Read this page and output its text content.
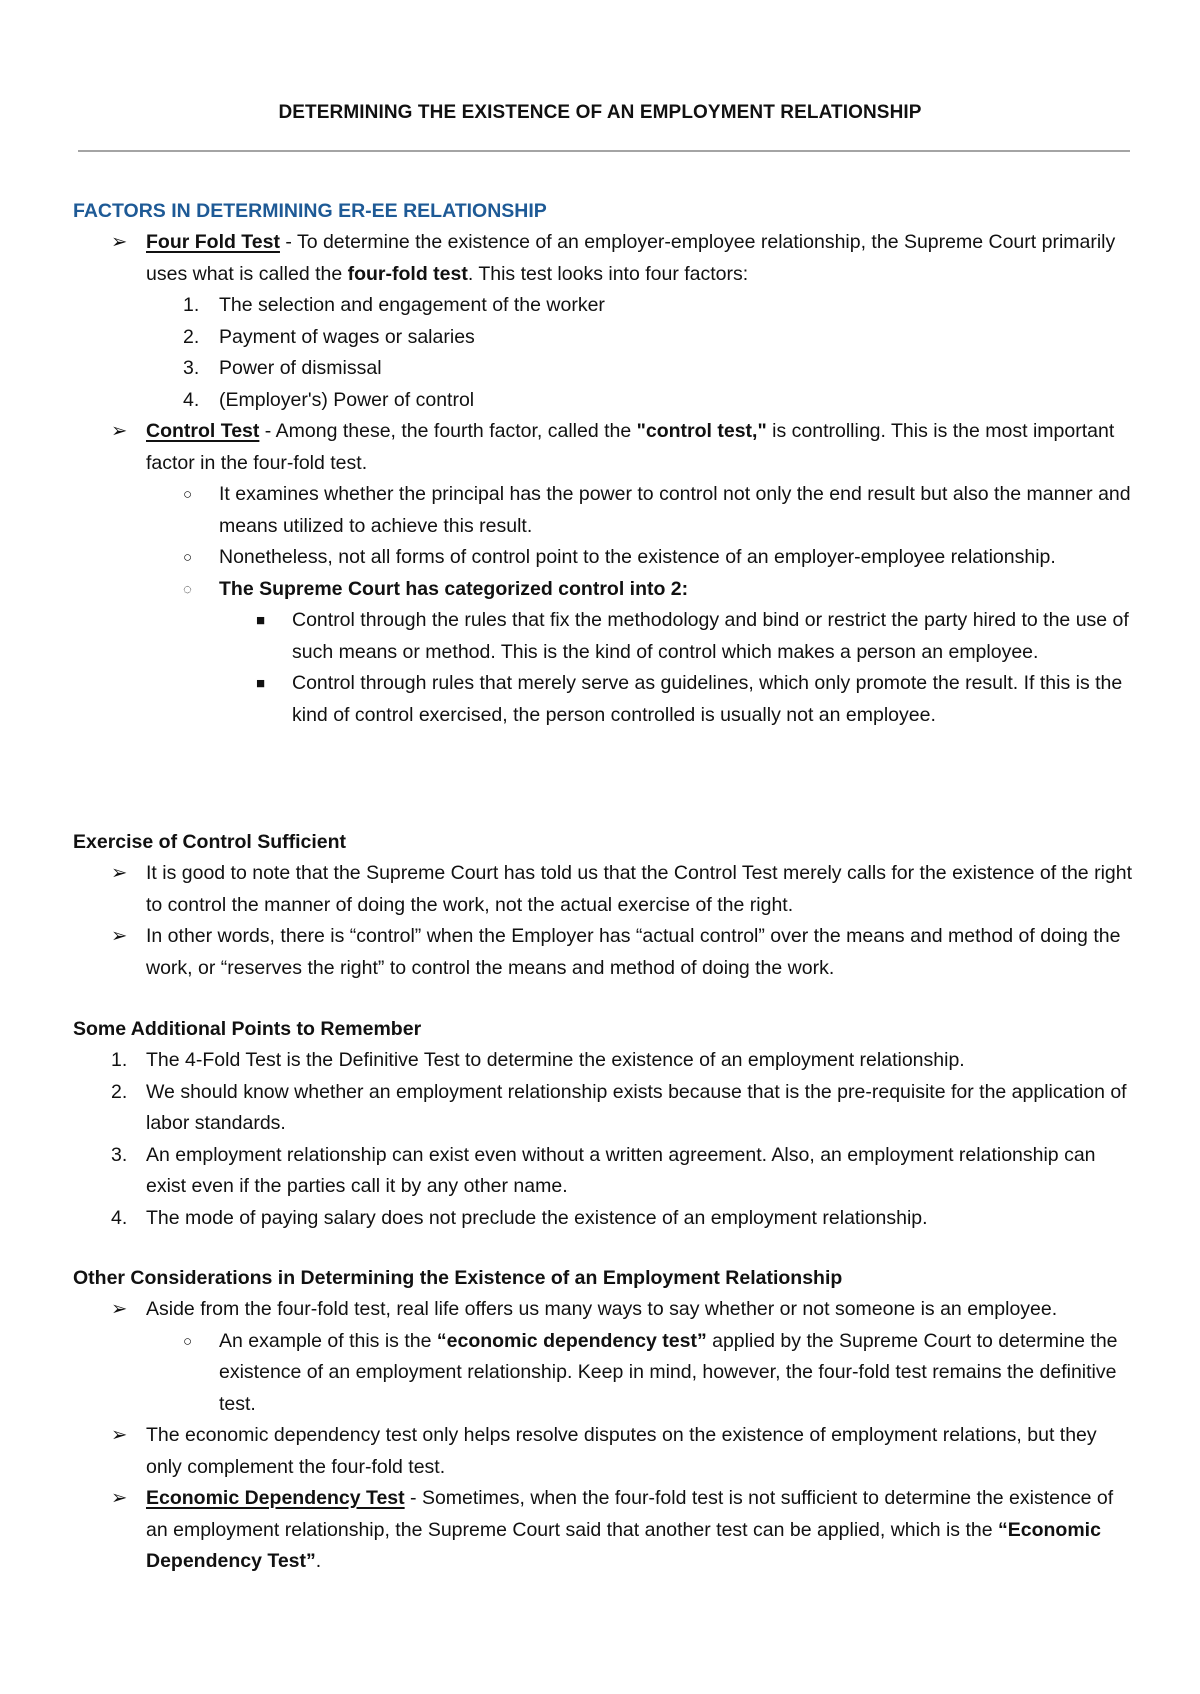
DETERMINING THE EXISTENCE OF AN EMPLOYMENT RELATIONSHIP
FACTORS IN DETERMINING ER-EE RELATIONSHIP
➢ Four Fold Test - To determine the existence of an employer-employee relationship, the Supreme Court primarily uses what is called the four-fold test. This test looks into four factors:
1. The selection and engagement of the worker
2. Payment of wages or salaries
3. Power of dismissal
4. (Employer's) Power of control
➢ Control Test - Among these, the fourth factor, called the "control test," is controlling. This is the most important factor in the four-fold test.
○ It examines whether the principal has the power to control not only the end result but also the manner and means utilized to achieve this result.
○ Nonetheless, not all forms of control point to the existence of an employer-employee relationship.
◌ The Supreme Court has categorized control into 2:
■ Control through the rules that fix the methodology and bind or restrict the party hired to the use of such means or method. This is the kind of control which makes a person an employee.
■ Control through rules that merely serve as guidelines, which only promote the result. If this is the kind of control exercised, the person controlled is usually not an employee.
Exercise of Control Sufficient
➢ It is good to note that the Supreme Court has told us that the Control Test merely calls for the existence of the right to control the manner of doing the work, not the actual exercise of the right.
➢ In other words, there is “control” when the Employer has “actual control” over the means and method of doing the work, or “reserves the right” to control the means and method of doing the work.
Some Additional Points to Remember
1. The 4-Fold Test is the Definitive Test to determine the existence of an employment relationship.
2. We should know whether an employment relationship exists because that is the pre-requisite for the application of labor standards.
3. An employment relationship can exist even without a written agreement. Also, an employment relationship can exist even if the parties call it by any other name.
4. The mode of paying salary does not preclude the existence of an employment relationship.
Other Considerations in Determining the Existence of an Employment Relationship
➢ Aside from the four-fold test, real life offers us many ways to say whether or not someone is an employee.
○ An example of this is the “economic dependency test” applied by the Supreme Court to determine the existence of an employment relationship. Keep in mind, however, the four-fold test remains the definitive test.
➢ The economic dependency test only helps resolve disputes on the existence of employment relations, but they only complement the four-fold test.
➢ Economic Dependency Test - Sometimes, when the four-fold test is not sufficient to determine the existence of an employment relationship, the Supreme Court said that another test can be applied, which is the “Economic Dependency Test”.
